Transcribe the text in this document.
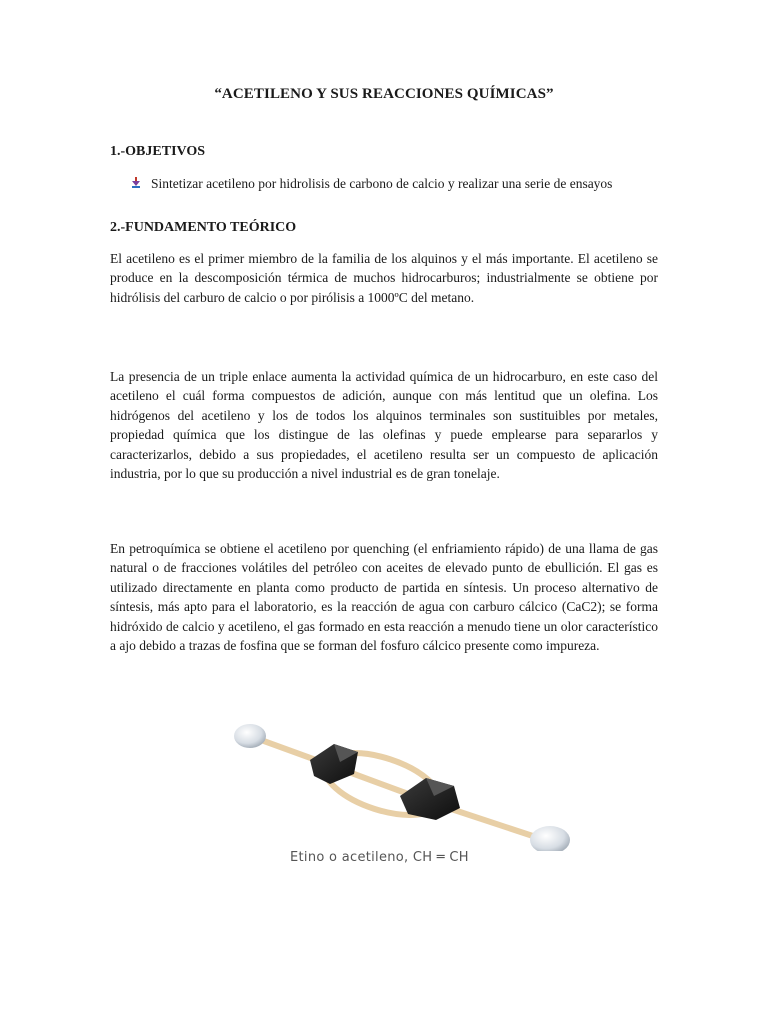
“ACETILENO Y SUS REACCIONES QUÍMICAS”
1.-OBJETIVOS
Sintetizar acetileno por hidrolisis de carbono de calcio y realizar una serie de ensayos
2.-FUNDAMENTO TEÓRICO

El acetileno es el primer miembro de la familia de los alquinos y el más importante. El acetileno se produce en la descomposición térmica de muchos hidrocarburos; industrialmente se obtiene por hidrólisis del carburo de calcio o por pirólisis a 1000ºC del metano.

La presencia de un triple enlace aumenta la actividad química de un hidrocarburo, en este caso del acetileno el cuál forma compuestos de adición, aunque con más lentitud que un olefina. Los hidrógenos del acetileno y los de todos los alquinos terminales son sustituibles por metales, propiedad química que los distingue de las olefinas y puede emplearse para separarlos y caracterizarlos, debido a sus propiedades, el acetileno resulta ser un compuesto de aplicación industria, por lo que su producción a nivel industrial es de gran tonelaje.

En petroquímica se obtiene el acetileno por quenching (el enfriamiento rápido) de una llama de gas natural o de fracciones volátiles del petróleo con aceites de elevado punto de ebullición. El gas es utilizado directamente en planta como producto de partida en síntesis. Un proceso alternativo de síntesis, más apto para el laboratorio, es la reacción de agua con carburo cálcico (CaC2); se forma hidróxido de calcio y acetileno, el gas formado en esta reacción a menudo tiene un olor característico a ajo debido a trazas de fosfina que se forman del fosfuro cálcico presente como impureza.

Etino o acetileno, CH ═ CH
